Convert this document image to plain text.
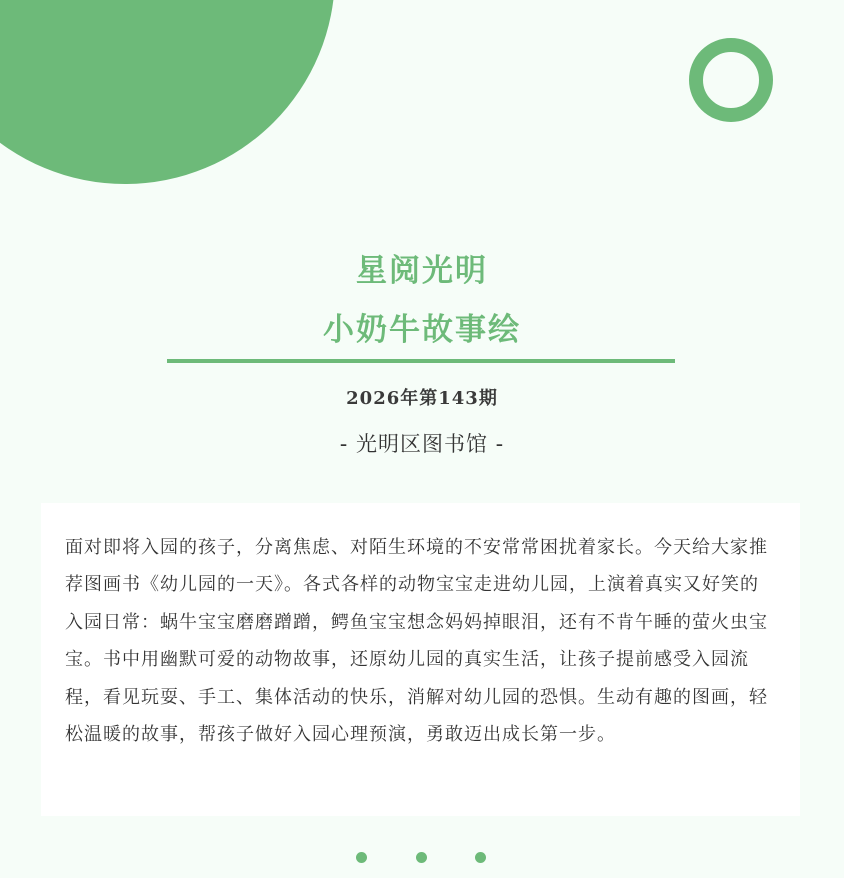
星阅光明
小奶牛故事绘
2026年第143期
- 光明区图书馆 -

面对即将入园的孩子，分离焦虑、对陌生环境的不安常常困扰着家长。今天给大家推荐图画书《幼儿园的一天》。各式各样的动物宝宝走进幼儿园，上演着真实又好笑的入园日常：蜗牛宝宝磨磨蹭蹭，鳄鱼宝宝想念妈妈掉眼泪，还有不肯午睡的萤火虫宝宝。书中用幽默可爱的动物故事，还原幼儿园的真实生活，让孩子提前感受入园流程，看见玩耍、手工、集体活动的快乐，消解对幼儿园的恐惧。生动有趣的图画，轻松温暖的故事，帮孩子做好入园心理预演，勇敢迈出成长第一步。
